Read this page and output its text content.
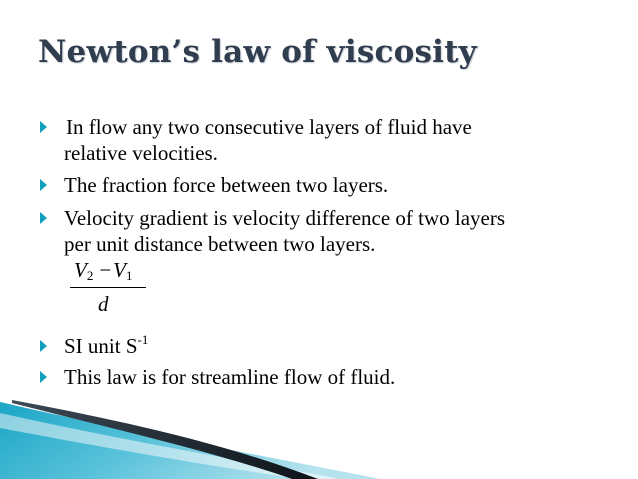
Newton’s law of viscosity
In flow any two consecutive layers of fluid have
relative velocities.
The fraction force between two layers.
Velocity gradient is velocity difference of two layers
per unit distance between two layers.
SI unit $S^{-1}$
This law is for streamline flow of fluid.
$V_2 -V_1$
d
